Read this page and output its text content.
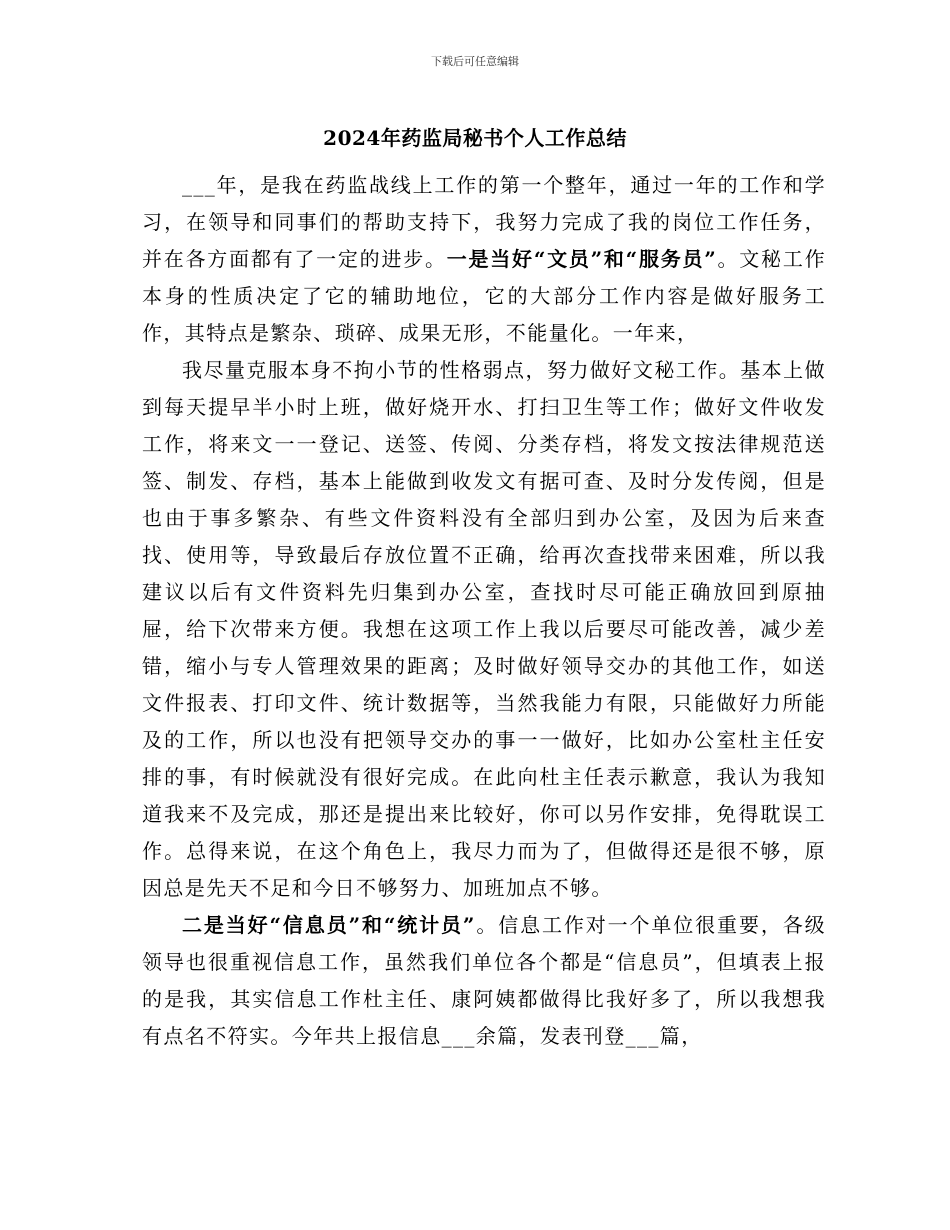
下载后可任意编辑
2024年药监局秘书个人工作总结

___年，是我在药监战线上工作的第一个整年，通过一年的工作和学习，在领导和同事们的帮助支持下，我努力完成了我的岗位工作任务，并在各方面都有了一定的进步。一是当好“文员”和“服务员”。文秘工作本身的性质决定了它的辅助地位，它的大部分工作内容是做好服务工作，其特点是繁杂、琐碎、成果无形，不能量化。一年来，

我尽量克服本身不拘小节的性格弱点，努力做好文秘工作。基本上做到每天提早半小时上班，做好烧开水、打扫卫生等工作；做好文件收发工作，将来文一一登记、送签、传阅、分类存档，将发文按法律规范送签、制发、存档，基本上能做到收发文有据可查、及时分发传阅，但是也由于事多繁杂、有些文件资料没有全部归到办公室，及因为后来查找、使用等，导致最后存放位置不正确，给再次查找带来困难，所以我建议以后有文件资料先归集到办公室，查找时尽可能正确放回到原抽屉，给下次带来方便。我想在这项工作上我以后要尽可能改善，减少差错，缩小与专人管理效果的距离；及时做好领导交办的其他工作，如送文件报表、打印文件、统计数据等，当然我能力有限，只能做好力所能及的工作，所以也没有把领导交办的事一一做好，比如办公室杜主任安排的事，有时候就没有很好完成。在此向杜主任表示歉意，我认为我知道我来不及完成，那还是提出来比较好，你可以另作安排，免得耽误工作。总得来说，在这个角色上，我尽力而为了，但做得还是很不够，原因总是先天不足和今日不够努力、加班加点不够。

二是当好“信息员”和“统计员”。信息工作对一个单位很重要，各级领导也很重视信息工作，虽然我们单位各个都是“信息员”，但填表上报的是我，其实信息工作杜主任、康阿姨都做得比我好多了，所以我想我有点名不符实。今年共上报信息___余篇，发表刊登___篇，
